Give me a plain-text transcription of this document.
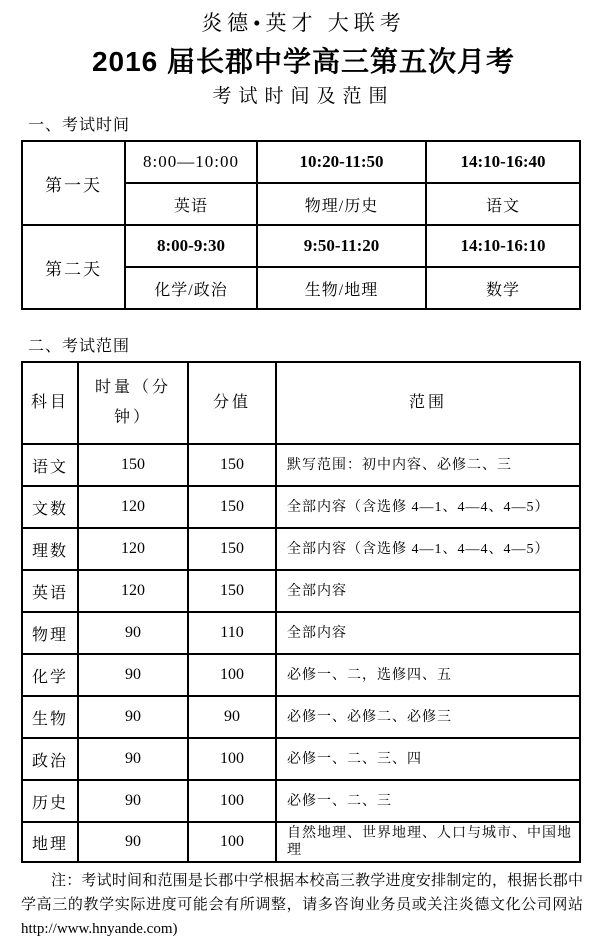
炎德•英才 大联考
2016 届长郡中学高三第五次月考
考试时间及范围
一、考试时间
第一天	8:00—10:00	10:20-11:50	14:10-16:40
	英语	物理/历史	语文
第二天	8:00-9:30	9:50-11:20	14:10-16:10
	化学/政治	生物/地理	数学
二、考试范围
科目	时量（分钟）	分值	范围
语文	150	150	默写范围：初中内容、必修二、三
文数	120	150	全部内容（含选修 4—1、4—4、4—5）
理数	120	150	全部内容（含选修 4—1、4—4、4—5）
英语	120	150	全部内容
物理	90	110	全部内容
化学	90	100	必修一、二，选修四、五
生物	90	90	必修一、必修二、必修三
政治	90	100	必修一、二、三、四
历史	90	100	必修一、二、三
地理	90	100	自然地理、世界地理、人口与城市、中国地理
注：考试时间和范围是长郡中学根据本校高三教学进度安排制定的，根据长郡中学高三的教学实际进度可能会有所调整，请多咨询业务员或关注炎德文化公司网站http://www.hnyande.com)
